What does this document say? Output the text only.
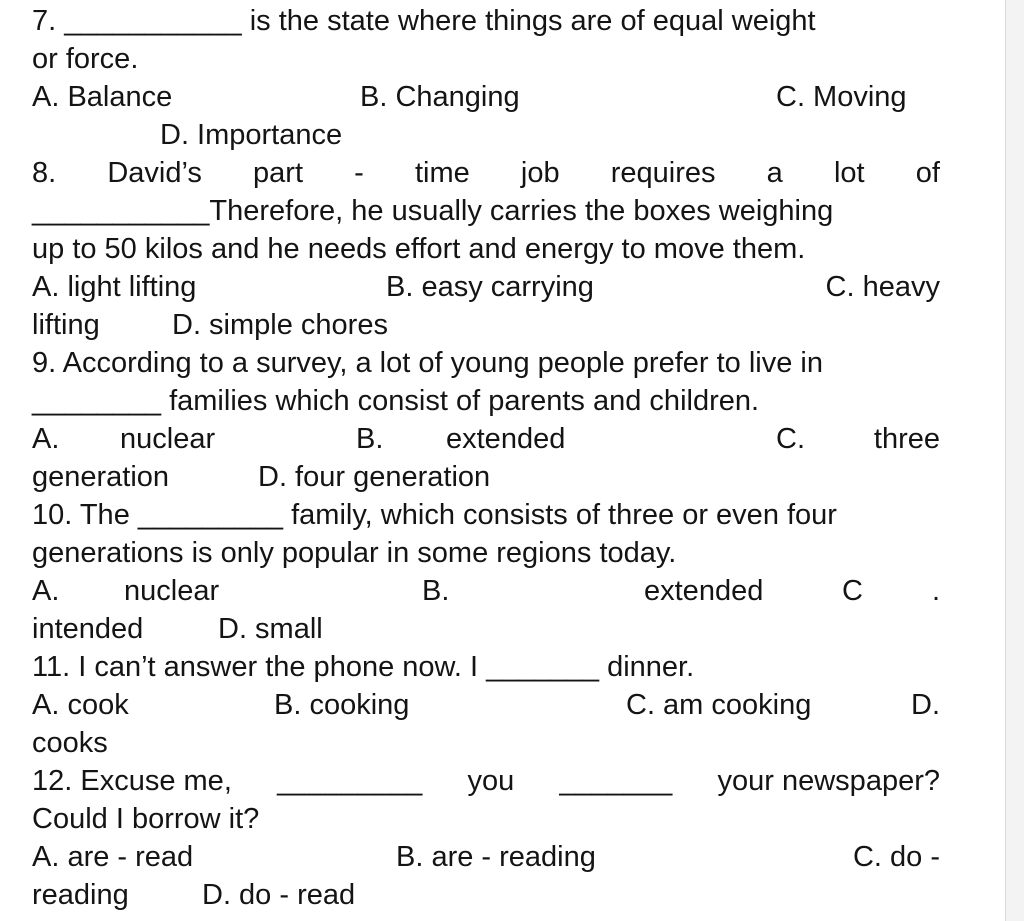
7. ___________ is the state where things are of equal weight
or force.
A. Balance	B. Changing	C. Moving
D. Importance
8. David’s part - time job requires a lot of
___________Therefore, he usually carries the boxes weighing
up to 50 kilos and he needs effort and energy to move them.
A. light lifting	B. easy carrying	C. heavy
lifting D. simple chores
9. According to a survey, a lot of young people prefer to live in
________ families which consist of parents and children.
A. nuclear	B. extended	C. three
generation	D. four generation
10. The _________ family, which consists of three or even four
generations is only popular in some regions today.
A. nuclear	B.	extended	C .
intended	D. small
11. I can’t answer the phone now. I _______ dinner.
A. cook	B. cooking	C. am cooking	D.
cooks
12. Excuse me, _________ you _______ your newspaper?
Could I borrow it?
A. are - read	B. are - reading	C. do -
reading	D. do - read
